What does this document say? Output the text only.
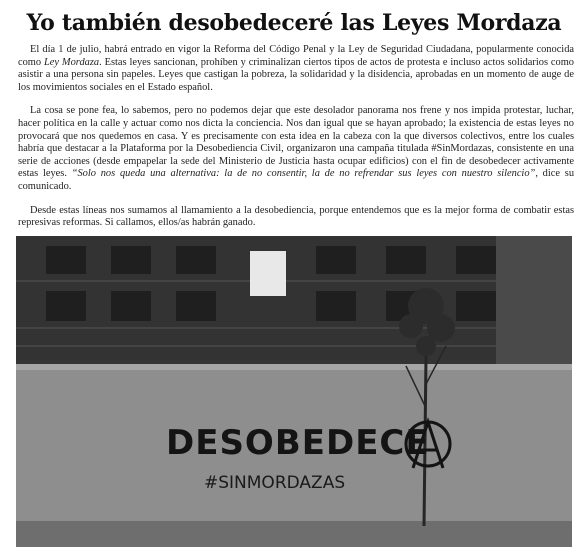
Yo también desobedeceré las Leyes Mordaza

El día 1 de julio, habrá entrado en vigor la Reforma del Código Penal y la Ley de Seguridad Ciudadana, popularmente conocida como Ley Mordaza. Estas leyes sancionan, prohíben y criminalizan ciertos tipos de actos de protesta e incluso actos solidarios como asistir a una persona sin papeles. Leyes que castigan la pobreza, la solidaridad y la disidencia, aprobadas en un momento de auge de los movimientos sociales en el Estado español.

La cosa se pone fea, lo sabemos, pero no podemos dejar que este desolador panorama nos frene y nos impida protestar, luchar, hacer política en la calle y actuar como nos dicta la conciencia. Nos dan igual que se hayan aprobado; la existencia de estas leyes no provocará que nos quedemos en casa. Y es precisamente con esta idea en la cabeza con la que diversos colectivos, entre los cuales habría que destacar a la Plataforma por la Desobediencia Civil, organizaron una campaña titulada #SinMordazas, consistente en una serie de acciones (desde empapelar la sede del Ministerio de Justicia hasta ocupar edificios) con el fin de desobedecer activamente estas leyes. “Solo nos queda una alternativa: la de no consentir, la de no refrendar sus leyes con nuestro silencio”, dice su comunicado.

Desde estas líneas nos sumamos al llamamiento a la desobediencia, porque entendemos que es la mejor forma de combatir estas represivas reformas. Si callamos, ellos/as habrán ganado.

DESOBEDECE
#SINMORDAZAS
